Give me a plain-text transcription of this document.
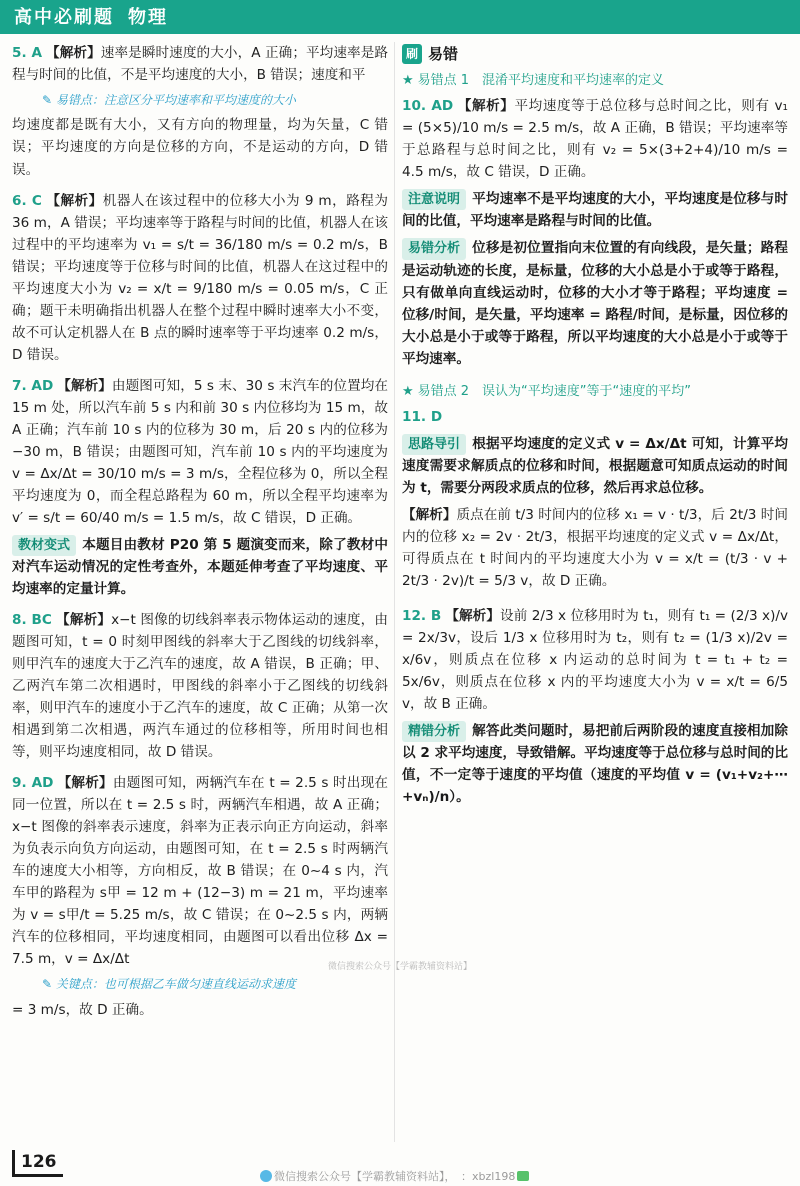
高中必刷题 物理

5. A 【解析】速率是瞬时速度的大小，A 正确；平均速率是路程与时间的比值，不是平均速度的大小，B 错误；速度和平

✎ 易错点：注意区分平均速率和平均速度的大小

均速度都是既有大小，又有方向的物理量，均为矢量，C 错误；平均速度的方向是位移的方向，不是运动的方向，D 错误。

6. C 【解析】机器人在该过程中的位移大小为 9 m，路程为 36 m，A 错误；平均速率等于路程与时间的比值，机器人在该过程中的平均速率为 v₁ = s/t = 36/180 m/s = 0.2 m/s，B 错误；平均速度等于位移与时间的比值，机器人在这过程中的平均速度大小为 v₂ = x/t = 9/180 m/s = 0.05 m/s，C 正确；题干未明确指出机器人在整个过程中瞬时速率大小不变，故不可认定机器人在 B 点的瞬时速率等于平均速率 0.2 m/s，D 错误。

7. AD 【解析】由题图可知，5 s 末、30 s 末汽车的位置均在 15 m 处，所以汽车前 5 s 内和前 30 s 内位移均为 15 m，故 A 正确；汽车前 10 s 内的位移为 30 m，后 20 s 内的位移为 −30 m，B 错误；由题图可知，汽车前 10 s 内的平均速度为 v = Δx/Δt = 30/10 m/s = 3 m/s，全程位移为 0，所以全程平均速度为 0，而全程总路程为 60 m，所以全程平均速率为 v′ = s/t = 60/40 m/s = 1.5 m/s，故 C 错误，D 正确。

教材变式 本题目由教材 P20 第 5 题演变而来，除了教材中对汽车运动情况的定性考查外，本题延伸考查了平均速度、平均速率的定量计算。

8. BC 【解析】x−t 图像的切线斜率表示物体运动的速度，由题图可知，t = 0 时刻甲图线的斜率大于乙图线的切线斜率，则甲汽车的速度大于乙汽车的速度，故 A 错误，B 正确；甲、乙两汽车第二次相遇时，甲图线的斜率小于乙图线的切线斜率，则甲汽车的速度小于乙汽车的速度，故 C 正确；从第一次相遇到第二次相遇，两汽车通过的位移相等，所用时间也相等，则平均速度相同，故 D 错误。

9. AD 【解析】由题图可知，两辆汽车在 t = 2.5 s 时出现在同一位置，所以在 t = 2.5 s 时，两辆汽车相遇，故 A 正确；x−t 图像的斜率表示速度，斜率为正表示向正方向运动，斜率为负表示向负方向运动，由题图可知，在 t = 2.5 s 时两辆汽车的速度大小相等，方向相反，故 B 错误；在 0~4 s 内，汽车甲的路程为 s甲 = 12 m + (12−3) m = 21 m，平均速率为 v = s甲/t = 5.25 m/s，故 C 错误；在 0~2.5 s 内，两辆汽车的位移相同，平均速度相同，由题图可以看出位移 Δx = 7.5 m，v = Δx/Δt

✎ 关键点：也可根据乙车做匀速直线运动求速度

= 3 m/s，故 D 正确。

刷 易错

★ 易错点 1　混淆平均速度和平均速率的定义

10. AD 【解析】平均速度等于总位移与总时间之比，则有 v₁ = (5×5)/10 m/s = 2.5 m/s，故 A 正确，B 错误；平均速率等于总路程与总时间之比，则有 v₂ = 5×(3+2+4)/10 m/s = 4.5 m/s，故 C 错误，D 正确。

注意说明 平均速率不是平均速度的大小，平均速度是位移与时间的比值，平均速率是路程与时间的比值。

易错分析 位移是初位置指向末位置的有向线段，是矢量；路程是运动轨迹的长度，是标量，位移的大小总是小于或等于路程，只有做单向直线运动时，位移的大小才等于路程；平均速度 = 位移/时间，是矢量，平均速率 = 路程/时间，是标量，因位移的大小总是小于或等于路程，所以平均速度的大小总是小于或等于平均速率。

★ 易错点 2　误认为“平均速度”等于“速度的平均”

11. D

思路导引 根据平均速度的定义式 v = Δx/Δt 可知，计算平均速度需要求解质点的位移和时间，根据题意可知质点运动的时间为 t，需要分两段求质点的位移，然后再求总位移。

【解析】质点在前 t/3 时间内的位移 x₁ = v · t/3，后 2t/3 时间内的位移 x₂ = 2v · 2t/3，根据平均速度的定义式 v = Δx/Δt，可得质点在 t 时间内的平均速度大小为 v = x/t = (t/3 · v + 2t/3 · 2v)/t = 5/3 v，故 D 正确。

12. B 【解析】设前 2/3 x 位移用时为 t₁，则有 t₁ = (2/3 x)/v = 2x/3v，设后 1/3 x 位移用时为 t₂，则有 t₂ = (1/3 x)/2v = x/6v，则质点在位移 x 内运动的总时间为 t = t₁ + t₂ = 5x/6v，则质点在位移 x 内的平均速度大小为 v = x/t = 6/5 v，故 B 正确。

精错分析 解答此类问题时，易把前后两阶段的速度直接相加除以 2 求平均速度，导致错解。平均速度等于总位移与总时间的比值，不一定等于速度的平均值（速度的平均值 v = (v₁+v₂+⋯+vₙ)/n）。

微信搜索公众号【学霸教辅资料站】
126
微信搜索公众号【学霸教辅资料站】，　：xbzl198
